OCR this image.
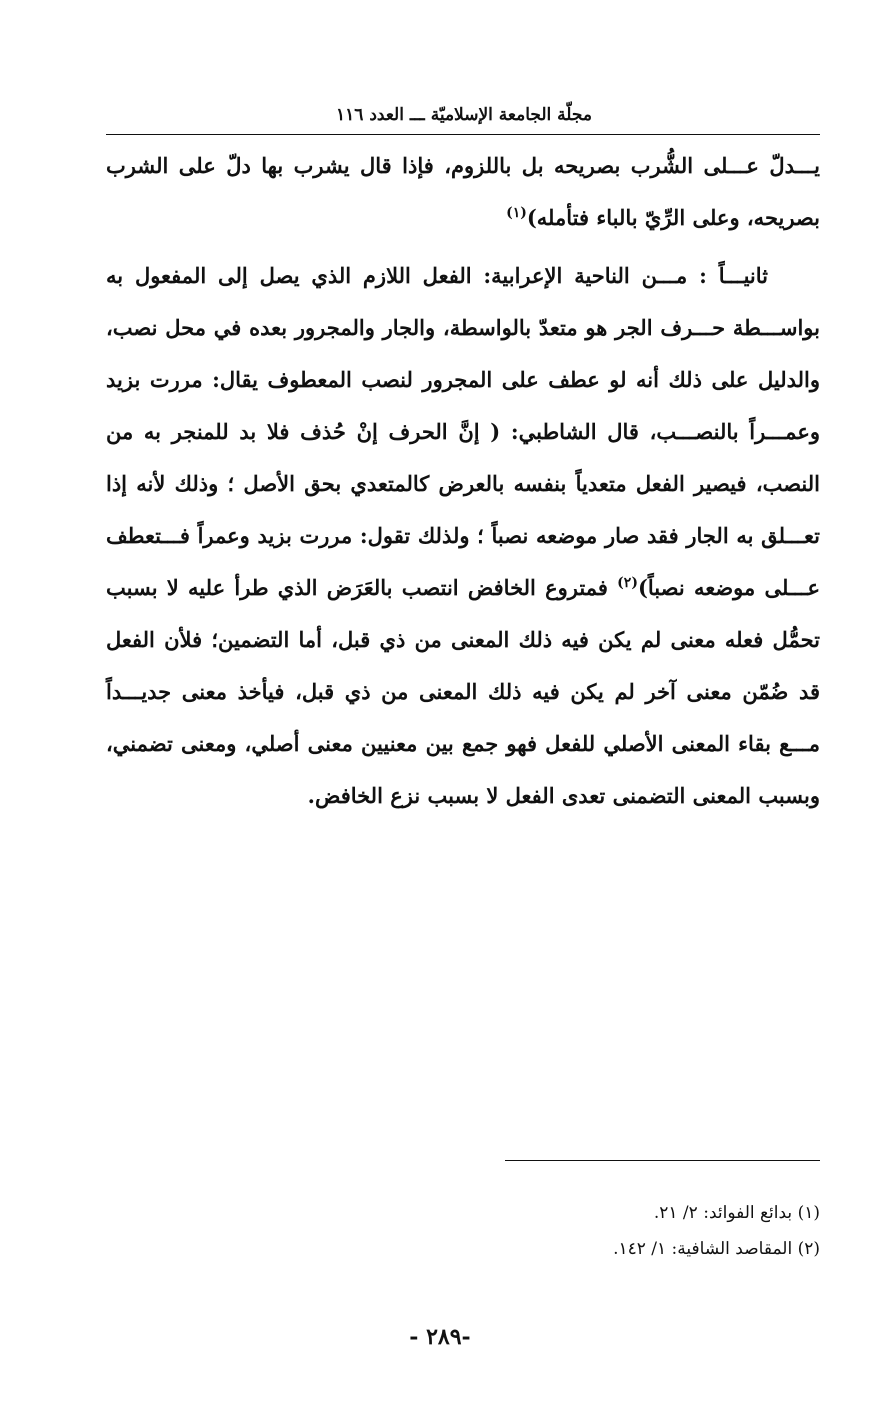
مجلّة الجامعة الإسلاميّة ـــ العدد ١١٦

يـــدلّ عـــلى الشُّرب بصريحه بل باللزوم، فإذا قال يشرب بها دلّ على الشرب بصريحه، وعلى الرِّيّ بالباء فتأمله)$^{(١)}$

ثانيـــاً : مـــن الناحية الإعرابية: الفعل اللازم الذي يصل إلى المفعول به بواســـطة حـــرف الجر هو متعدّ بالواسطة، والجار والمجرور بعده في محل نصب، والدليل على ذلك أنه لو عطف على المجرور لنصب المعطوف يقال: مررت بزيد وعمـــراً بالنصـــب، قال الشاطبي: ( إنَّ الحرف إنْ حُذف فلا بد للمنجر به من النصب، فيصير الفعل متعدياً بنفسه بالعرض كالمتعدي بحق الأصل ؛ وذلك لأنه إذا تعـــلق به الجار فقد صار موضعه نصباً ؛ ولذلك تقول: مررت بزيد وعمراً فـــتعطف عـــلى موضعه نصباً)$^{(٢)}$ فمتروع الخافض انتصب بالعَرَض الذي طرأ عليه لا بسبب تحمُّل فعله معنى لم يكن فيه ذلك المعنى من ذي قبل، أما التضمين؛ فلأن الفعل قد ضُمّن معنى آخر لم يكن فيه ذلك المعنى من ذي قبل، فيأخذ معنى جديـــداً مـــع بقاء المعنى الأصلي للفعل فهو جمع بين معنيين معنى أصلي، ومعنى تضمني، وبسبب المعنى التضمنى تعدى الفعل لا بسبب نزع الخافض.

(١) بدائع الفوائد: ٢/ ٢١.

(٢) المقاصد الشافية: ١/ ١٤٢.

-٢٨٩ -
